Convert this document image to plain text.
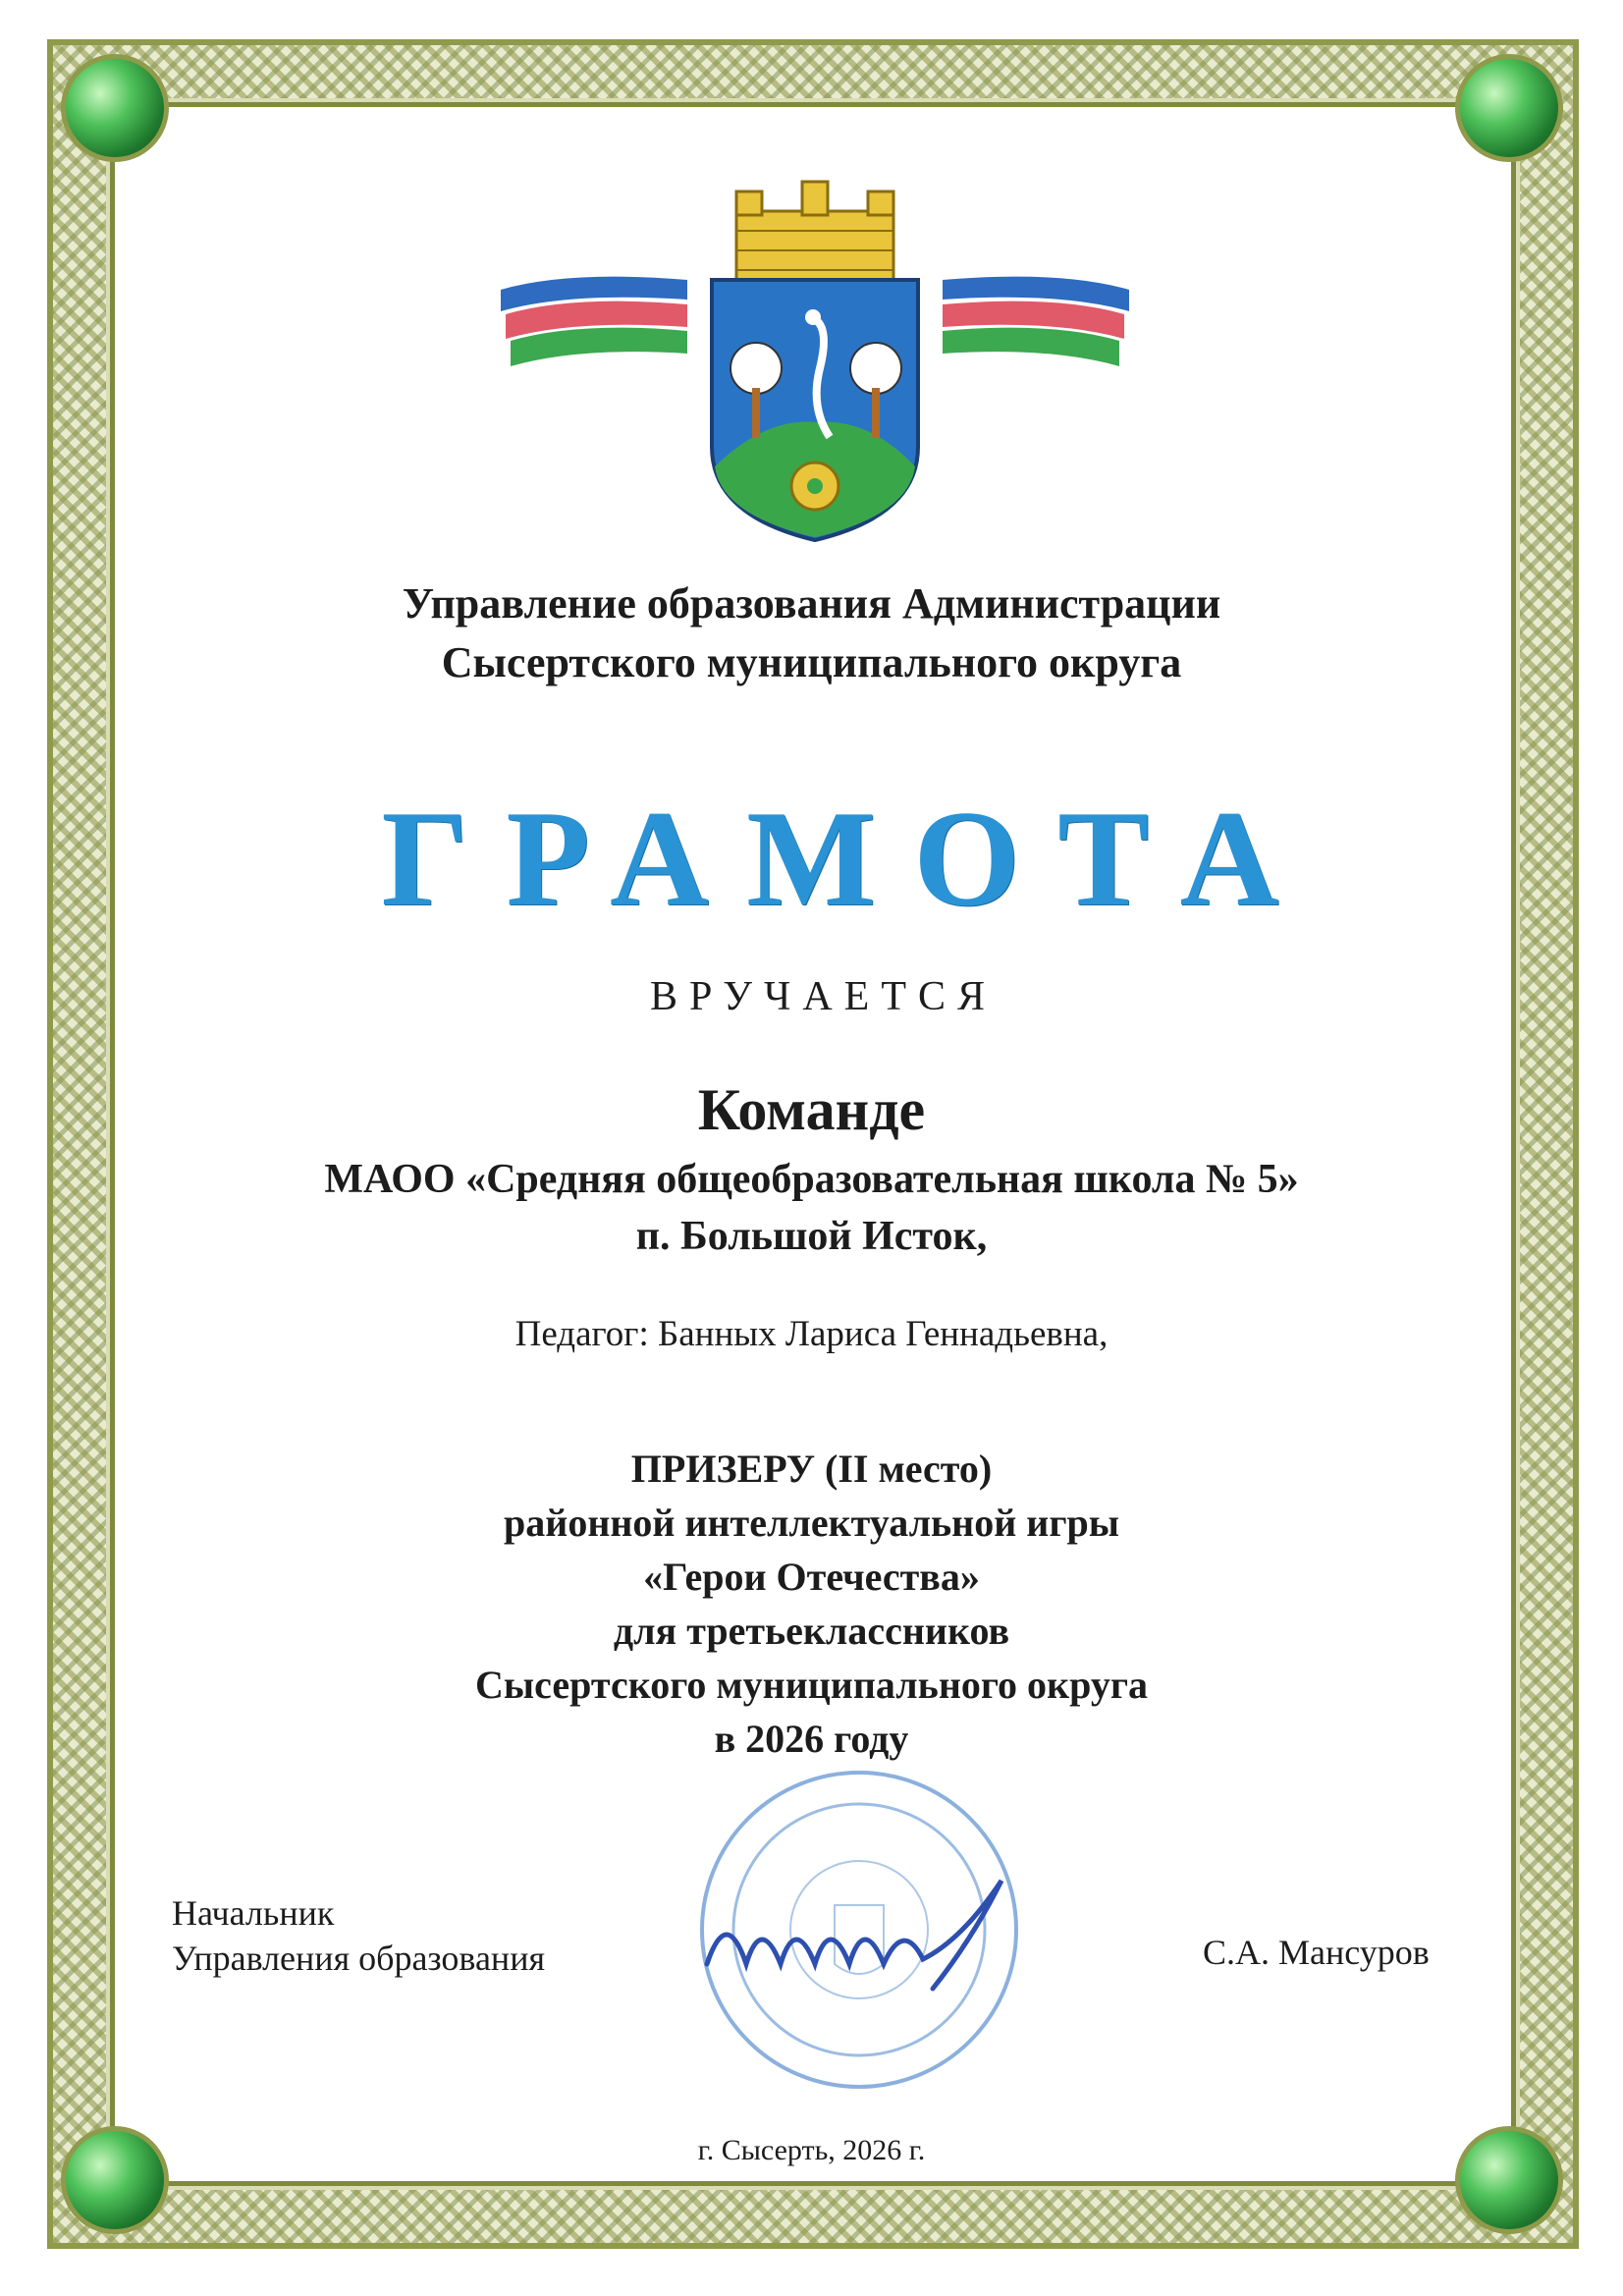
Управление образования Администрации
Сысертского муниципального округа
ГРАМОТА
ВРУЧАЕТСЯ
Команде
МАОО «Средняя общеобразовательная школа № 5»
п. Большой Исток,
Педагог: Банных Лариса Геннадьевна,
ПРИЗЕРУ (II место)
районной интеллектуальной игры
«Герои Отечества»
для третьеклассников
Сысертского муниципального округа
в 2026 году
Начальник
Управления образования	С.А. Мансуров
г. Сысерть, 2026 г.
